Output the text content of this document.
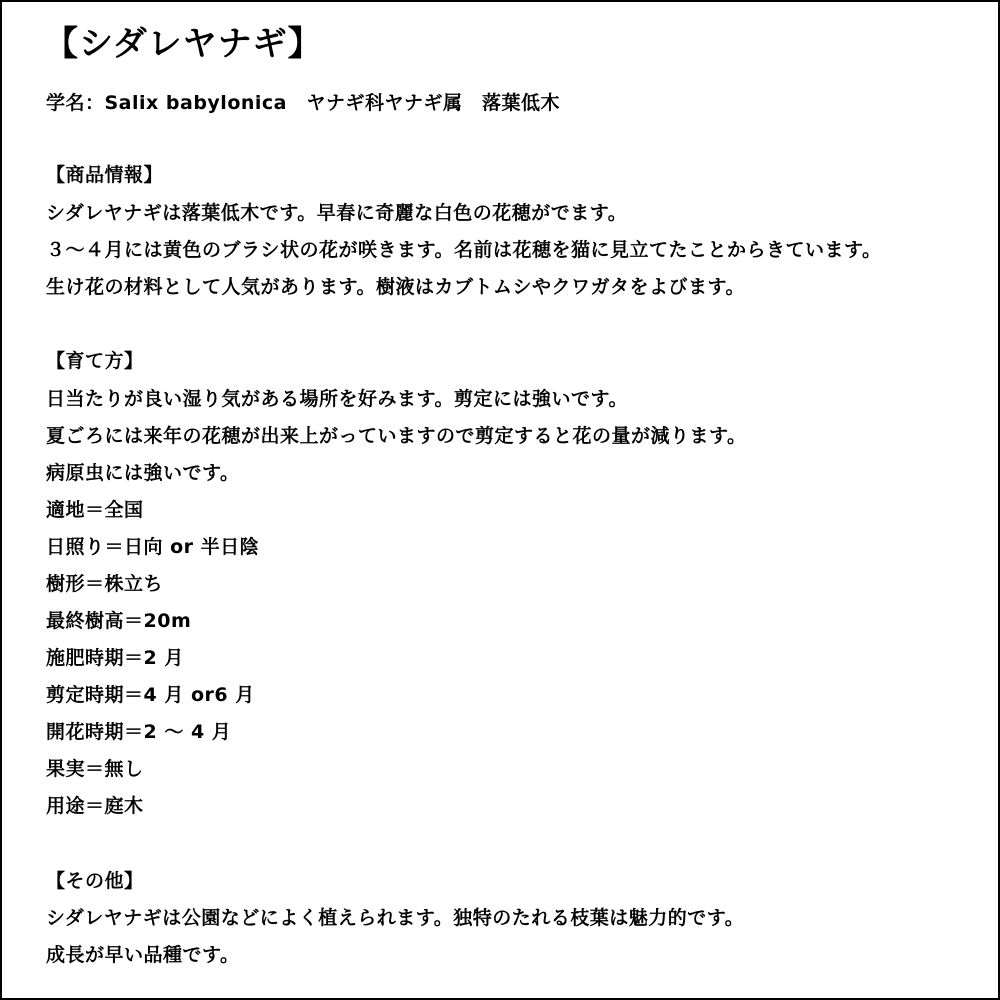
【シダレヤナギ】
学名：Salix babylonica　ヤナギ科ヤナギ属　落葉低木
【商品情報】
シダレヤナギは落葉低木です。早春に奇麗な白色の花穂がでます。
３～４月には黄色のブラシ状の花が咲きます。名前は花穂を猫に見立てたことからきています。
生け花の材料として人気があります。樹液はカブトムシやクワガタをよびます。
【育て方】
日当たりが良い湿り気がある場所を好みます。剪定には強いです。
夏ごろには来年の花穂が出来上がっていますので剪定すると花の量が減ります。
病原虫には強いです。
適地＝全国
日照り＝日向 or 半日陰
樹形＝株立ち
最終樹高＝20m
施肥時期＝2 月
剪定時期＝4 月 or6 月
開花時期＝2 ～ 4 月
果実＝無し
用途＝庭木
【その他】
シダレヤナギは公園などによく植えられます。独特のたれる枝葉は魅力的です。
成長が早い品種です。
